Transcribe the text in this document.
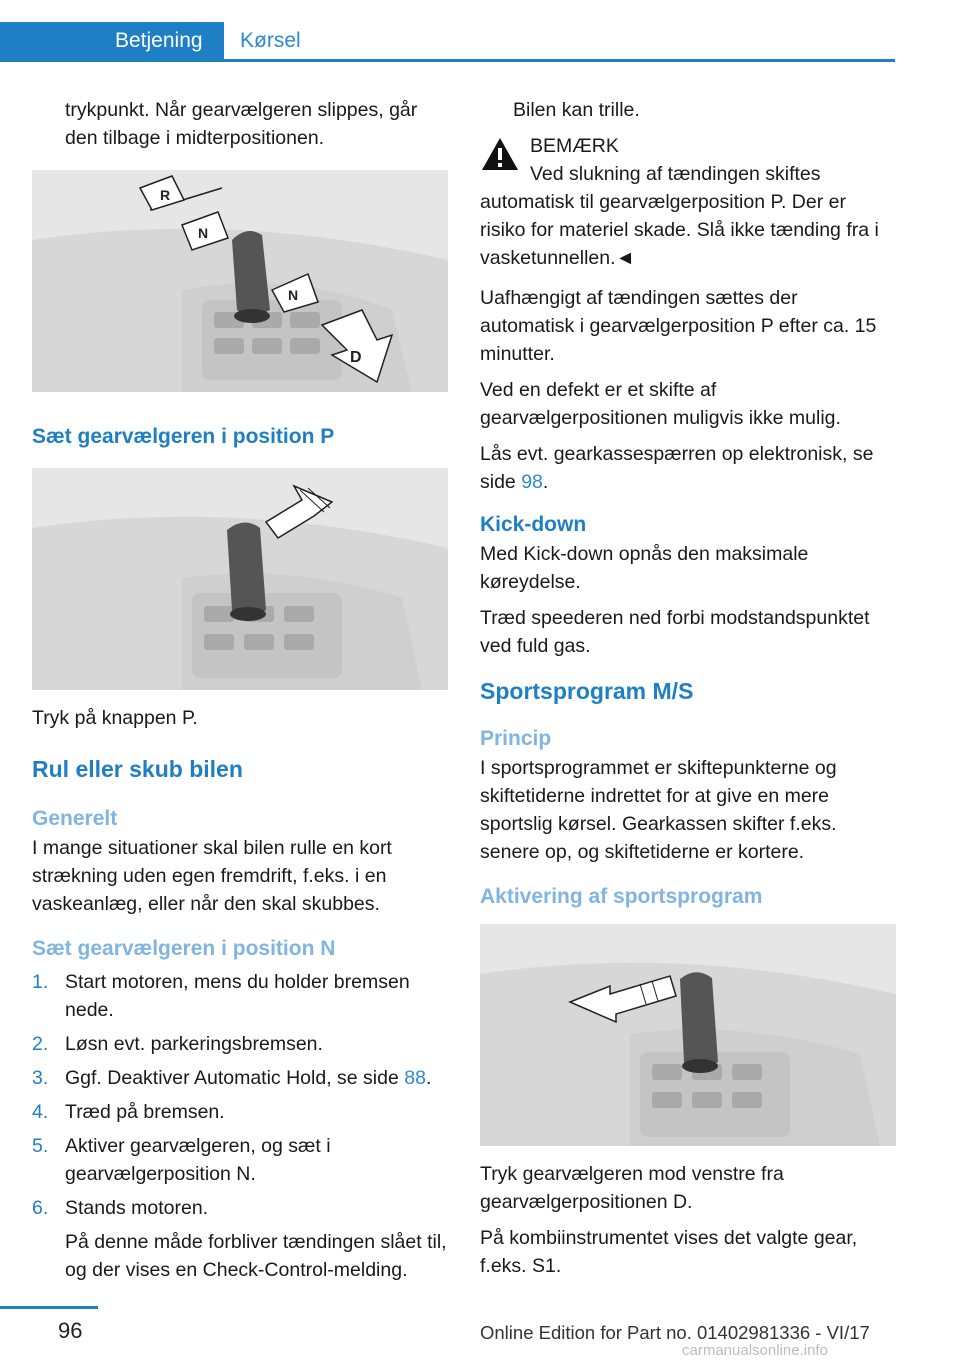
Betjening Kørsel

trykpunkt. Når gearvælgeren slippes, går den tilbage i midterpositionen.

R
N
N
D
Sæt gearvælgeren i position P

Tryk på knappen P.

Rul eller skub bilen
Generelt

I mange situationer skal bilen rulle en kort strækning uden egen fremdrift, f.eks. i en vaskeanlæg, eller når den skal skubbes.

Sæt gearvælgeren i position N
1. Start motoren, mens du holder bremsen nede.
2. Løsn evt. parkeringsbremsen.
3. Ggf. Deaktiver Automatic Hold, se side 88.
4. Træd på bremsen.
5. Aktiver gearvælgeren, og sæt i gearvælgerposition N.
6. Stands motoren.

På denne måde forbliver tændingen slået til, og der vises en Check-Control-melding.

Bilen kan trille.

BEMÆRK

Ved slukning af tændingen skiftes automatisk til gearvælgerposition P. Der er risiko for materiel skade. Slå ikke tænding fra i vasketunnellen.◄

Uafhængigt af tændingen sættes der automatisk i gearvælgerposition P efter ca. 15 minutter.

Ved en defekt er et skifte af gearvælgerpositionen muligvis ikke mulig.

Lås evt. gearkassespærren op elektronisk, se side 98.

Kick-down

Med Kick-down opnås den maksimale køreydelse.

Træd speederen ned forbi modstandspunktet ved fuld gas.

Sportsprogram M/S
Princip

I sportsprogrammet er skiftepunkterne og skiftetiderne indrettet for at give en mere sportslig kørsel. Gearkassen skifter f.eks. senere op, og skiftetiderne er kortere.

Aktivering af sportsprogram

Tryk gearvælgeren mod venstre fra gearvælgerpositionen D.

På kombiinstrumentet vises det valgte gear, f.eks. S1.

96	Online Edition for Part no. 01402981336 - VI/17
carmanualsonline.info
